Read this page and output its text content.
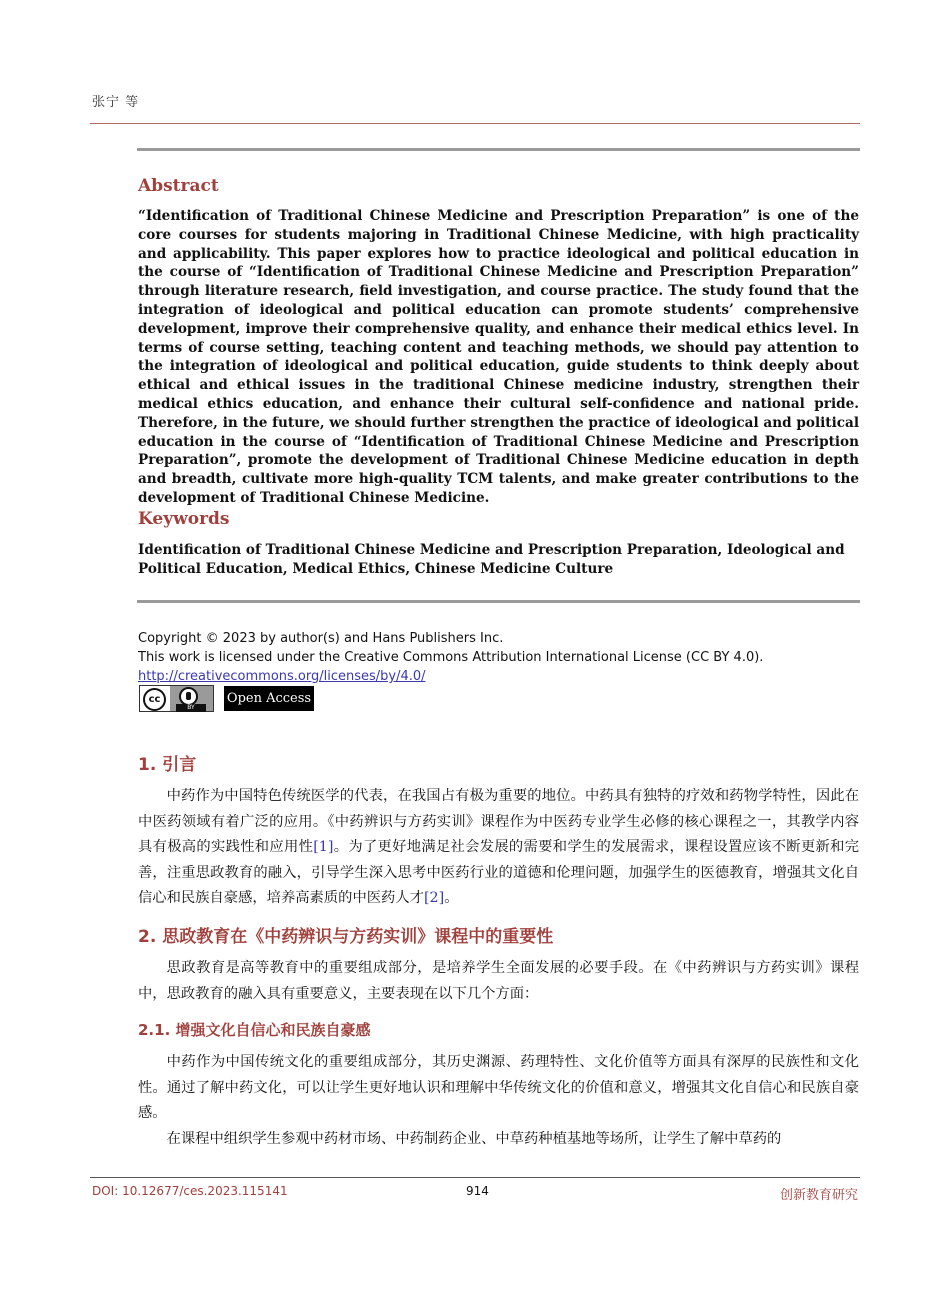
张宁 等
Abstract
“Identification of Traditional Chinese Medicine and Prescription Preparation” is one of the core courses for students majoring in Traditional Chinese Medicine, with high practicality and applicability. This paper explores how to practice ideological and political education in the course of “Identification of Traditional Chinese Medicine and Prescription Preparation” through literature research, field investigation, and course practice. The study found that the integration of ideological and political education can promote students’ comprehensive development, improve their comprehensive quality, and enhance their medical ethics level. In terms of course setting, teaching content and teaching methods, we should pay attention to the integration of ideological and political education, guide students to think deeply about ethical and ethical issues in the traditional Chinese medicine industry, strengthen their medical ethics education, and enhance their cultural self-confidence and national pride. Therefore, in the future, we should further strengthen the practice of ideological and political education in the course of “Identification of Traditional Chinese Medicine and Prescription Preparation”, promote the development of Traditional Chinese Medicine education in depth and breadth, cultivate more high-quality TCM talents, and make greater contributions to the development of Traditional Chinese Medicine.
Keywords
Identification of Traditional Chinese Medicine and Prescription Preparation, Ideological and Political Education, Medical Ethics, Chinese Medicine Culture
Copyright © 2023 by author(s) and Hans Publishers Inc.
This work is licensed under the Creative Commons Attribution International License (CC BY 4.0).
http://creativecommons.org/licenses/by/4.0/
cc
BY
Open Access
1. 引言
中药作为中国特色传统医学的代表，在我国占有极为重要的地位。中药具有独特的疗效和药物学特性，因此在中医药领域有着广泛的应用。《中药辨识与方药实训》课程作为中医药专业学生必修的核心课程之一，其教学内容具有极高的实践性和应用性[1]。为了更好地满足社会发展的需要和学生的发展需求，课程设置应该不断更新和完善，注重思政教育的融入，引导学生深入思考中医药行业的道德和伦理问题，加强学生的医德教育，增强其文化自信心和民族自豪感，培养高素质的中医药人才[2]。
2. 思政教育在《中药辨识与方药实训》课程中的重要性
思政教育是高等教育中的重要组成部分，是培养学生全面发展的必要手段。在《中药辨识与方药实训》课程中，思政教育的融入具有重要意义，主要表现在以下几个方面：
2.1. 增强文化自信心和民族自豪感
中药作为中国传统文化的重要组成部分，其历史渊源、药理特性、文化价值等方面具有深厚的民族性和文化性。通过了解中药文化，可以让学生更好地认识和理解中华传统文化的价值和意义，增强其文化自信心和民族自豪感。
在课程中组织学生参观中药材市场、中药制药企业、中草药种植基地等场所，让学生了解中草药的
DOI: 10.12677/ces.2023.115141	914	创新教育研究
